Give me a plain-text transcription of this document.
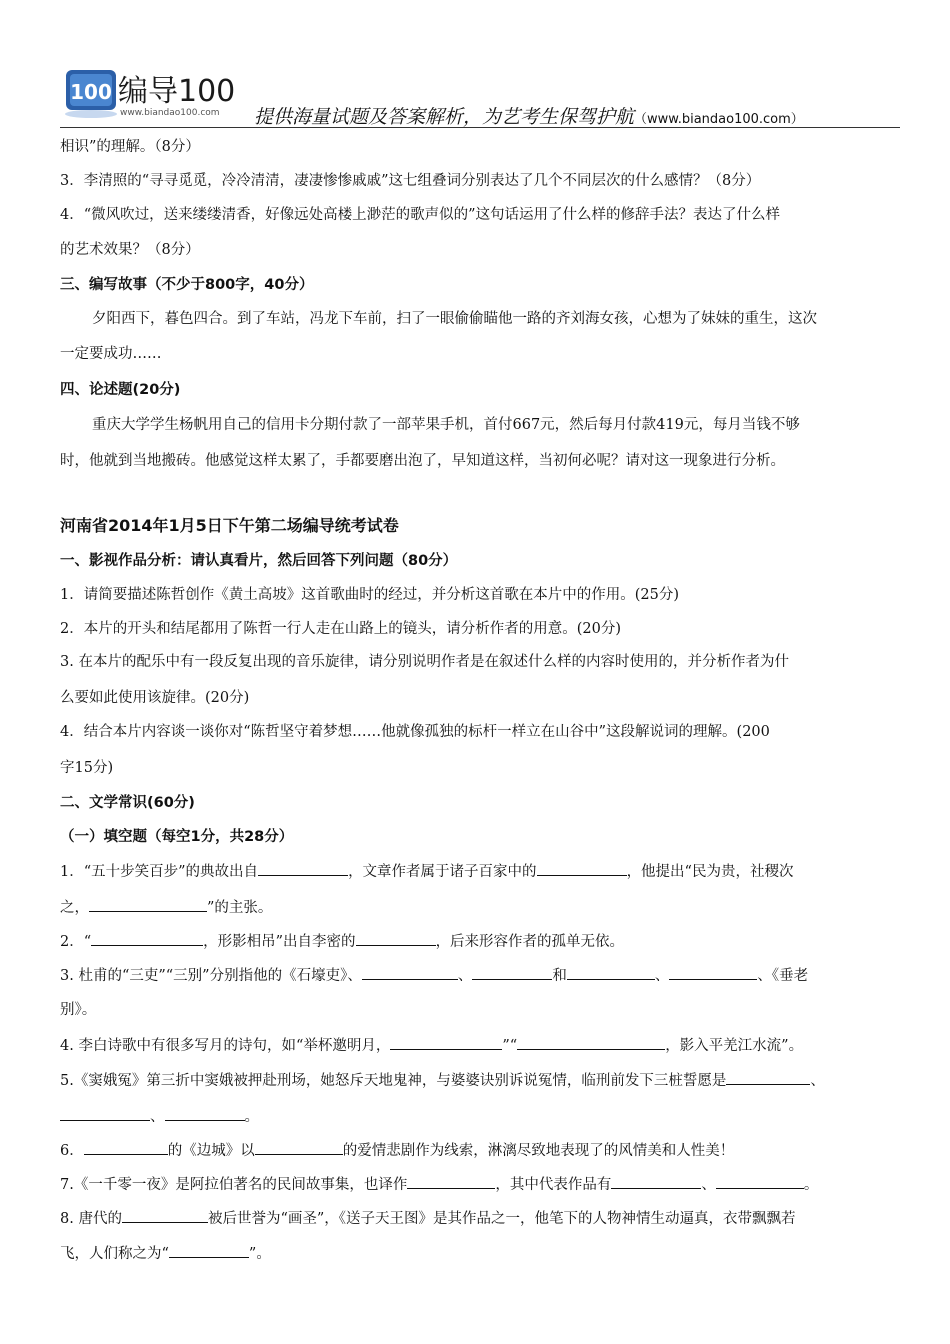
100 编导100
www.biandao100.com 提供海量试题及答案解析，为艺考生保驾护航（www.biandao100.com）
相识”的理解。（8分）
3．李清照的“寻寻觅觅，冷冷清清，凄凄惨惨戚戚”这七组叠词分别表达了几个不同层次的什么感情？（8分）
4．“微风吹过，送来缕缕清香，好像远处高楼上渺茫的歌声似的”这句话运用了什么样的修辞手法？表达了什么样
的艺术效果？（8分）
三、编写故事（不少于800字，40分）
夕阳西下，暮色四合。到了车站，冯龙下车前，扫了一眼偷偷瞄他一路的齐刘海女孩，心想为了妹妹的重生，这次
一定要成功……
四、论述题(20分)
重庆大学学生杨帆用自己的信用卡分期付款了一部苹果手机，首付667元，然后每月付款419元，每月当钱不够
时，他就到当地搬砖。他感觉这样太累了，手都要磨出泡了，早知道这样，当初何必呢？请对这一现象进行分析。
河南省2014年1月5日下午第二场编导统考试卷
一、影视作品分析：请认真看片，然后回答下列问题（80分）
1．请简要描述陈哲创作《黄土高坡》这首歌曲时的经过，并分析这首歌在本片中的作用。(25分)
2．本片的开头和结尾都用了陈哲一行人走在山路上的镜头，请分析作者的用意。(20分)
3. 在本片的配乐中有一段反复出现的音乐旋律，请分别说明作者是在叙述什么样的内容时使用的，并分析作者为什
么要如此使用该旋律。(20分)
4．结合本片内容谈一谈你对“陈哲坚守着梦想……他就像孤独的标杆一样立在山谷中”这段解说词的理解。(200
字15分)
二、文学常识(60分)
（一）填空题（每空1分，共28分）
1．“五十步笑百步”的典故出自	，文章作者属于诸子百家中的	，他提出“民为贵，社稷次
之，	”的主张。
2．“	，形影相吊”出自李密的	，后来形容作者的孤单无依。
3. 杜甫的“三吏”“三别”分别指他的《石壕吏》、	、	和	、	、《垂老
别》。
4. 李白诗歌中有很多写月的诗句，如“举杯邀明月，	”“	，影入平羌江水流”。
5.《窦娥冤》第三折中窦娥被押赴刑场，她怒斥天地鬼神，与婆婆诀别诉说冤情，临刑前发下三桩誓愿是	、
、	。
6．	的《边城》以	的爱情悲剧作为线索，淋漓尽致地表现了的风情美和人性美！
7.《一千零一夜》是阿拉伯著名的民间故事集，也译作	，其中代表作品有	、	。
8. 唐代的	被后世誉为“画圣”，《送子天王图》是其作品之一，他笔下的人物神情生动逼真，衣带飘飘若
飞，人们称之为“	”。
